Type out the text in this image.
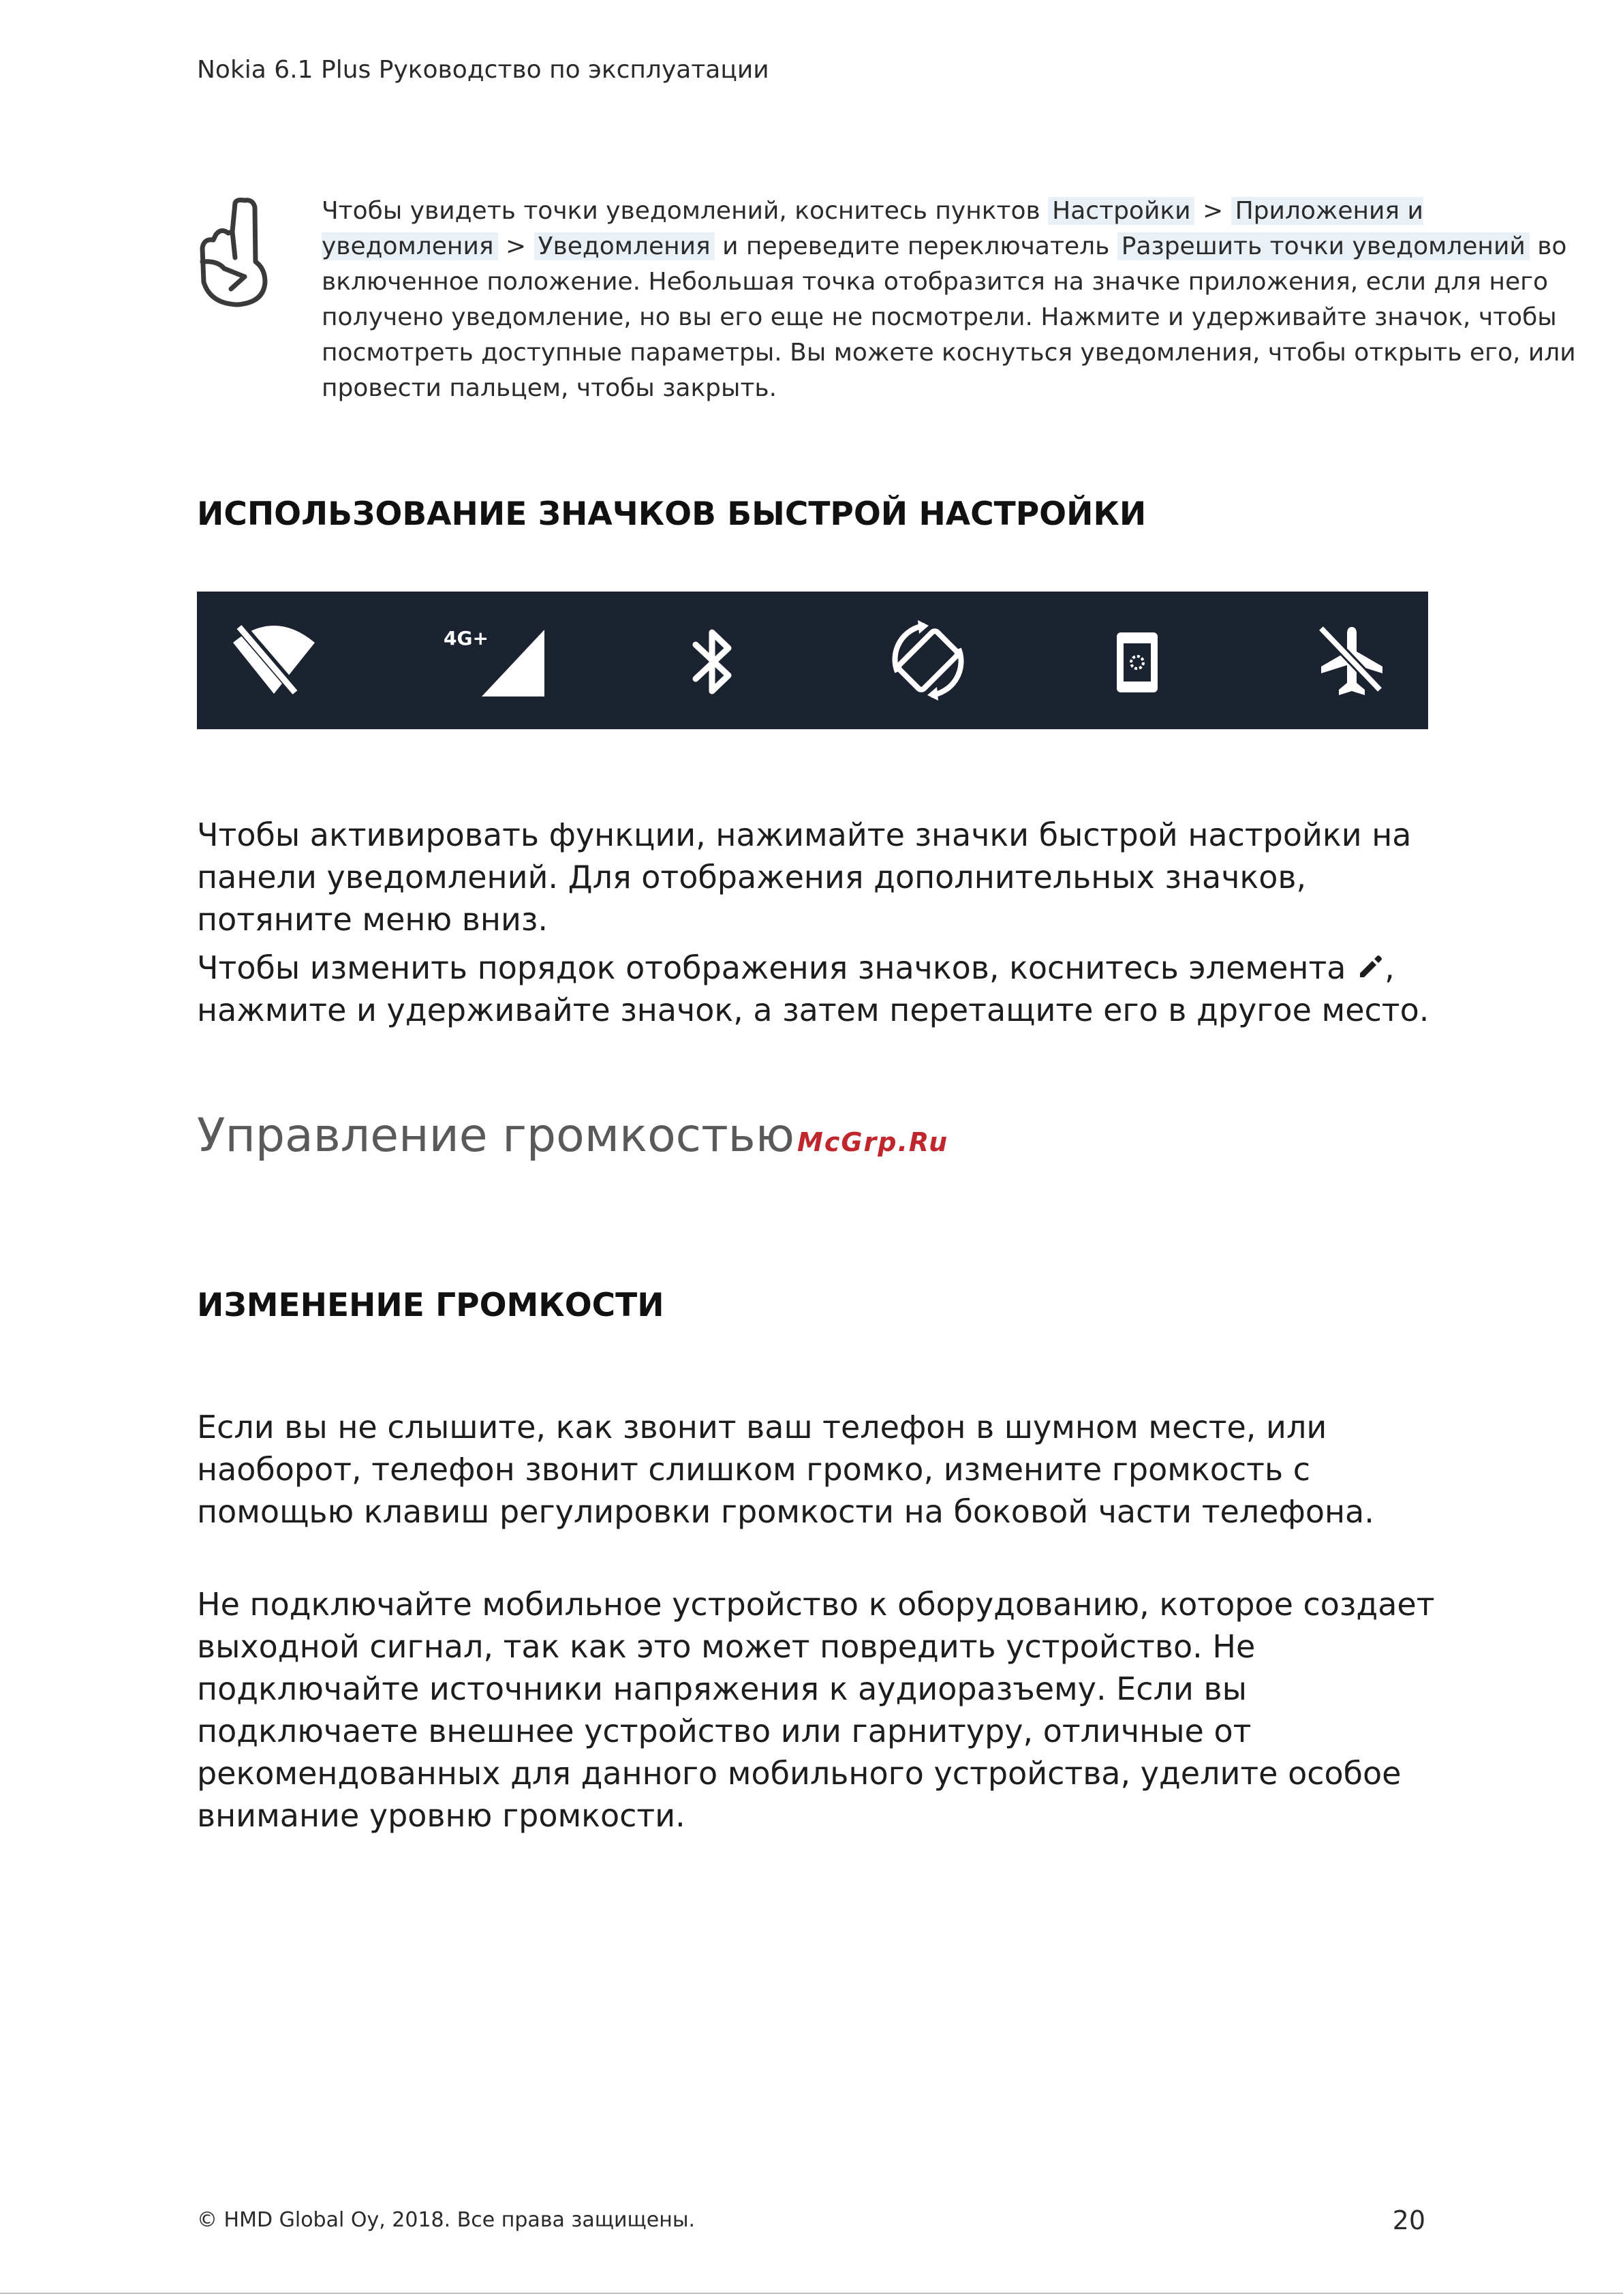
Nokia 6.1 Plus Руководство по эксплуатации
Чтобы увидеть точки уведомлений, коснитесь пунктов Настройки > Приложения и уведомления > Уведомления и переведите переключатель Разрешить точки уведомлений во включенное положение. Небольшая точка отобразится на значке приложения, если для него получено уведомление, но вы его еще не посмотрели. Нажмите и удерживайте значок, чтобы посмотреть доступные параметры. Вы можете коснуться уведомления, чтобы открыть его, или провести пальцем, чтобы закрыть.
ИСПОЛЬЗОВАНИЕ ЗНАЧКОВ БЫСТРОЙ НАСТРОЙКИ
4G+
Чтобы активировать функции, нажимайте значки быстрой настройки на панели уведомлений. Для отображения дополнительных значков, потяните меню вниз.
Чтобы изменить порядок отображения значков, коснитесь элемента , нажмите и удерживайте значок, а затем перетащите его в другое место.
Управление громкостью McGrp.Ru
ИЗМЕНЕНИЕ ГРОМКОСТИ
Если вы не слышите, как звонит ваш телефон в шумном месте, или наоборот, телефон звонит слишком громко, измените громкость с помощью клавиш регулировки громкости на боковой части телефона.
Не подключайте мобильное устройство к оборудованию, которое создает выходной сигнал, так как это может повредить устройство. Не подключайте источники напряжения к аудиоразъему. Если вы подключаете внешнее устройство или гарнитуру, отличные от рекомендованных для данного мобильного устройства, уделите особое внимание уровню громкости.
© HMD Global Oy, 2018. Все права защищены.	20
